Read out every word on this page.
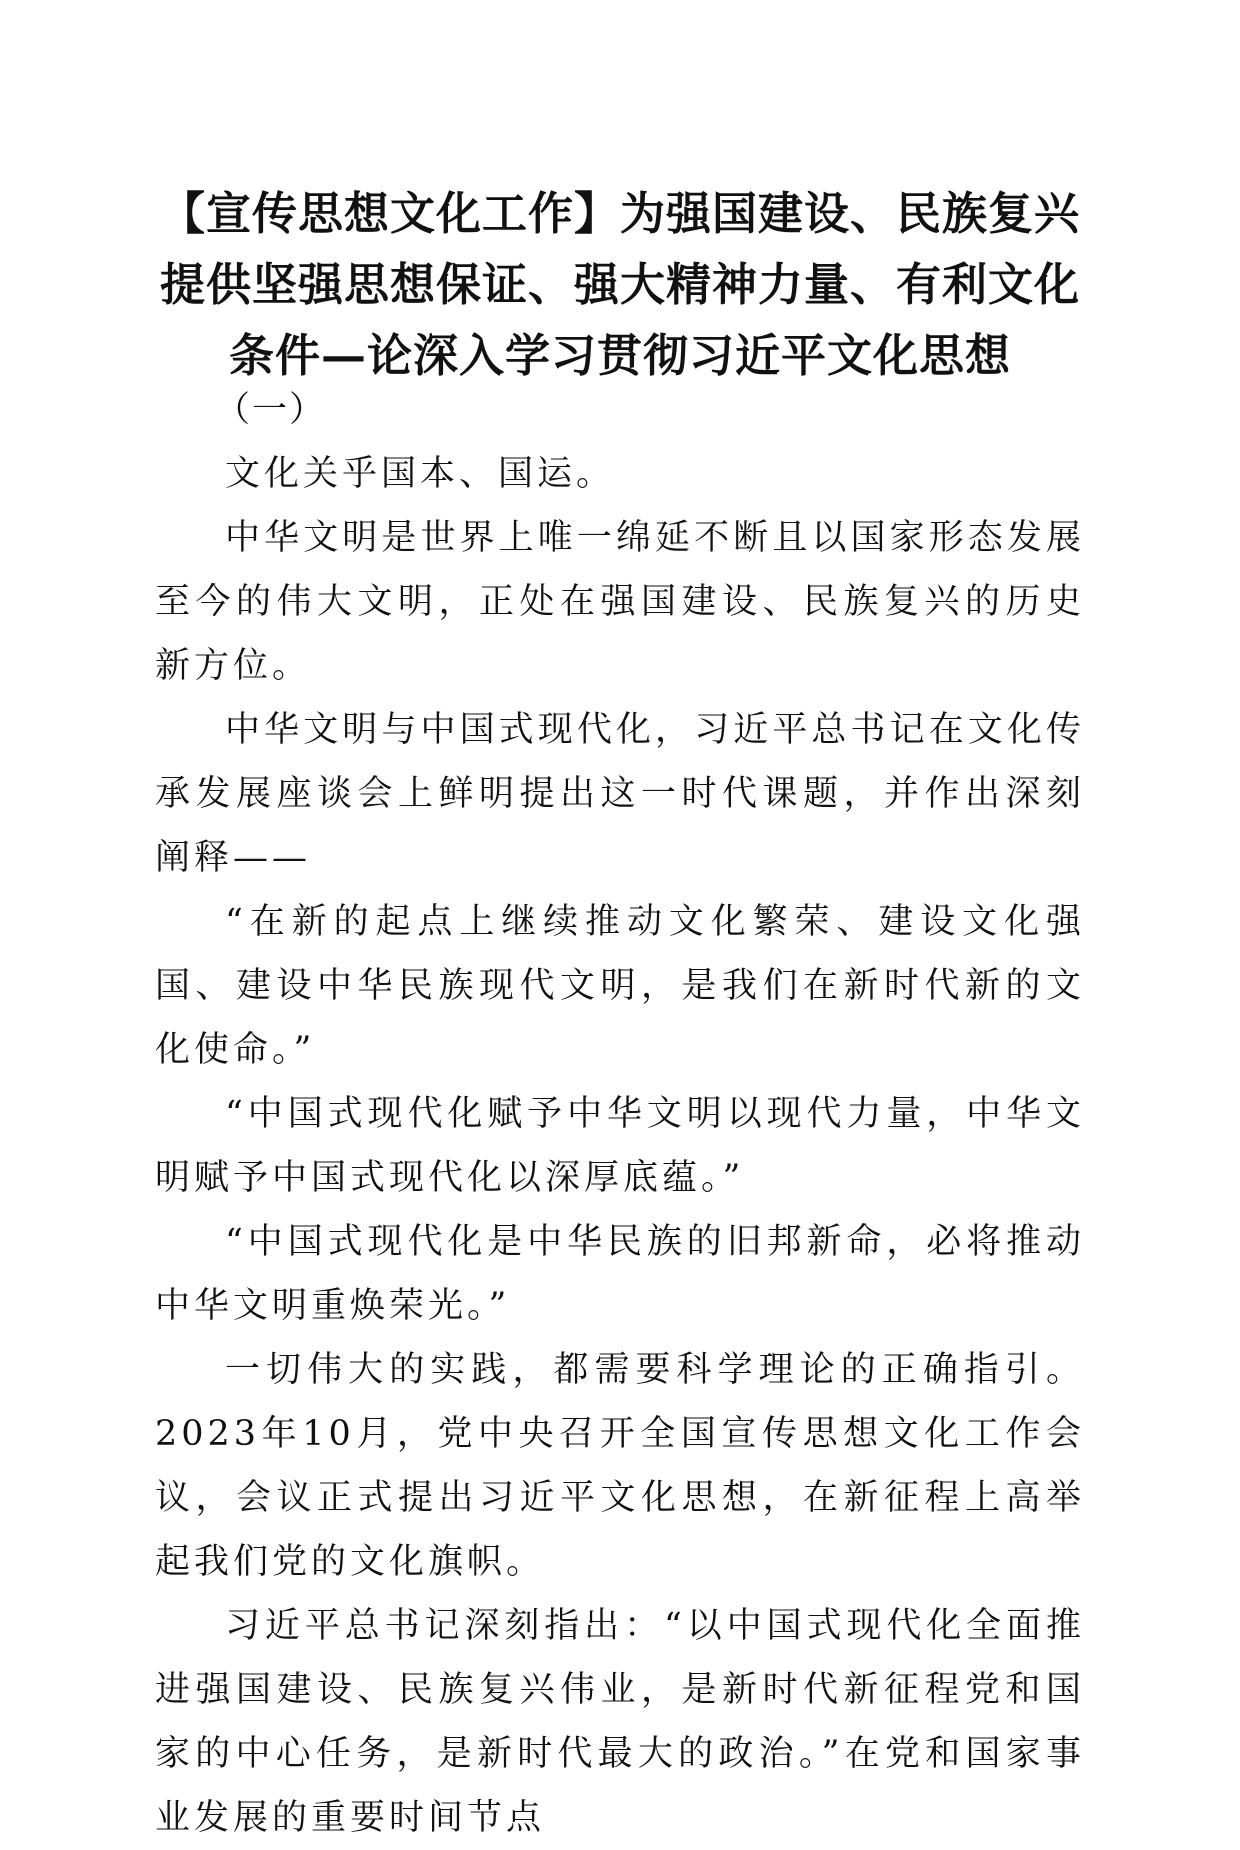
【宣传思想文化工作】为强国建设、民族复兴提供坚强思想保证、强大精神力量、有利文化条件—论深入学习贯彻习近平文化思想

（一）

文化关乎国本、国运。

中华文明是世界上唯一绵延不断且以国家形态发展至今的伟大文明，正处在强国建设、民族复兴的历史新方位。

中华文明与中国式现代化，习近平总书记在文化传承发展座谈会上鲜明提出这一时代课题，并作出深刻阐释——

“在新的起点上继续推动文化繁荣、建设文化强国、建设中华民族现代文明，是我们在新时代新的文化使命。”

“中国式现代化赋予中华文明以现代力量，中华文明赋予中国式现代化以深厚底蕴。”

“中国式现代化是中华民族的旧邦新命，必将推动中华文明重焕荣光。”

一切伟大的实践，都需要科学理论的正确指引。2023年10月，党中央召开全国宣传思想文化工作会议，会议正式提出习近平文化思想，在新征程上高举起我们党的文化旗帜。

习近平总书记深刻指出：“以中国式现代化全面推进强国建设、民族复兴伟业，是新时代新征程党和国家的中心任务，是新时代最大的政治。”在党和国家事业发展的重要时间节点
